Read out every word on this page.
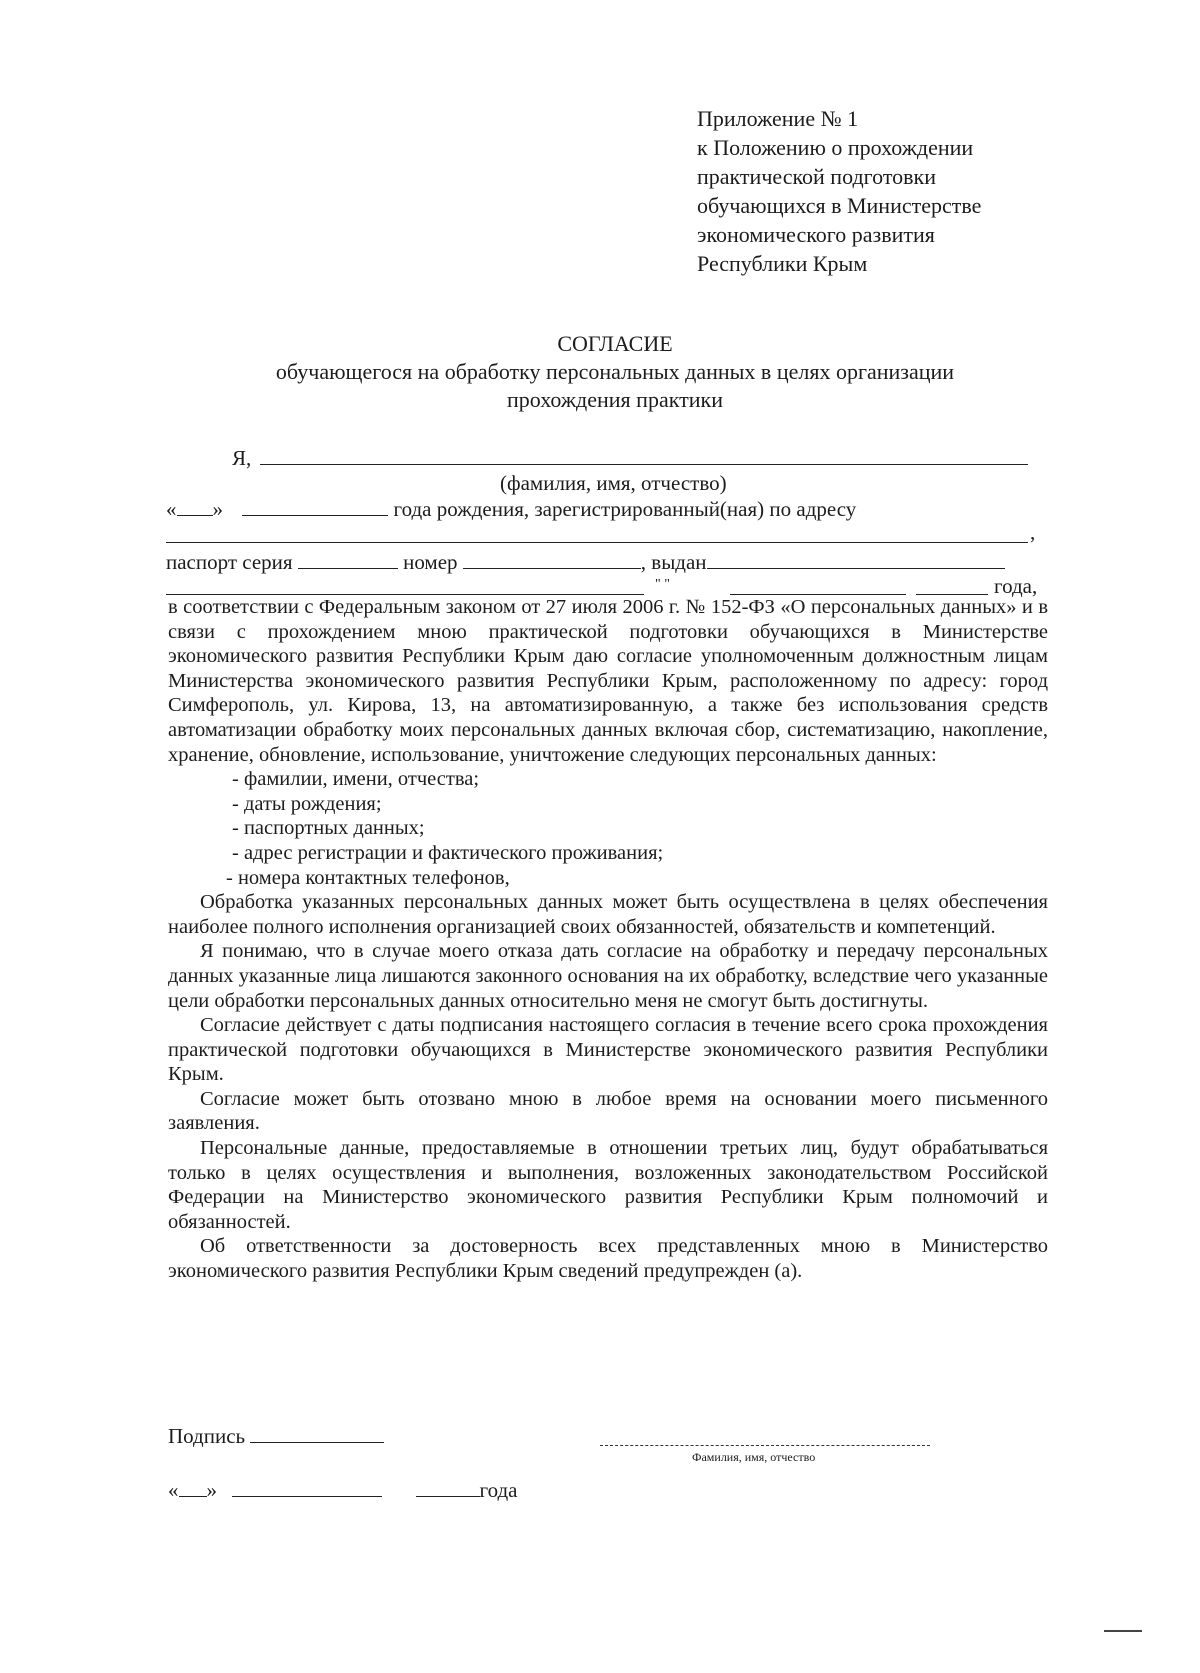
Приложение № 1
к Положению о прохождении
практической подготовки
обучающихся в Министерстве
экономического развития
Республики Крым
СОГЛАСИЕ
обучающегося на обработку персональных данных в целях организации
прохождения практики
Я,
(фамилия, имя, отчество)
« »	года рождения, зарегистрированный(ная) по адресу
,
паспорт серия	номер	, выдан
" "	года,

в соответствии с Федеральным законом от 27 июля 2006 г. № 152-ФЗ «О персональных данных» и в связи с прохождением мною практической подготовки обучающихся в Министерстве экономического развития Республики Крым даю согласие уполномоченным должностным лицам Министерства экономического развития Республики Крым, расположенному по адресу: город Симферополь, ул. Кирова, 13, на автоматизированную, а также без использования средств автоматизации обработку моих персональных данных включая сбор, систематизацию, накопление, хранение, обновление, использование, уничтожение следующих персональных данных:

- фамилии, имени, отчества;

- даты рождения;

- паспортных данных;

- адрес регистрации и фактического проживания;

- номера контактных телефонов,

Обработка указанных персональных данных может быть осуществлена в целях обеспечения наиболее полного исполнения организацией своих обязанностей, обязательств и компетенций.

Я понимаю, что в случае моего отказа дать согласие на обработку и передачу персональных данных указанные лица лишаются законного основания на их обработку, вследствие чего указанные цели обработки персональных данных относительно меня не смогут быть достигнуты.

Согласие действует с даты подписания настоящего согласия в течение всего срока прохождения практической подготовки обучающихся в Министерстве экономического развития Республики Крым.

Согласие может быть отозвано мною в любое время на основании моего письменного заявления.

Персональные данные, предоставляемые в отношении третьих лиц, будут обрабатываться только в целях осуществления и выполнения, возложенных законодательством Российской Федерации на Министерство экономического развития Республики Крым полномочий и обязанностей.

Об ответственности за достоверность всех представленных мною в Министерство экономического развития Республики Крым сведений предупрежден (а).

Подпись
Фамилия, имя, отчество
« »	года
